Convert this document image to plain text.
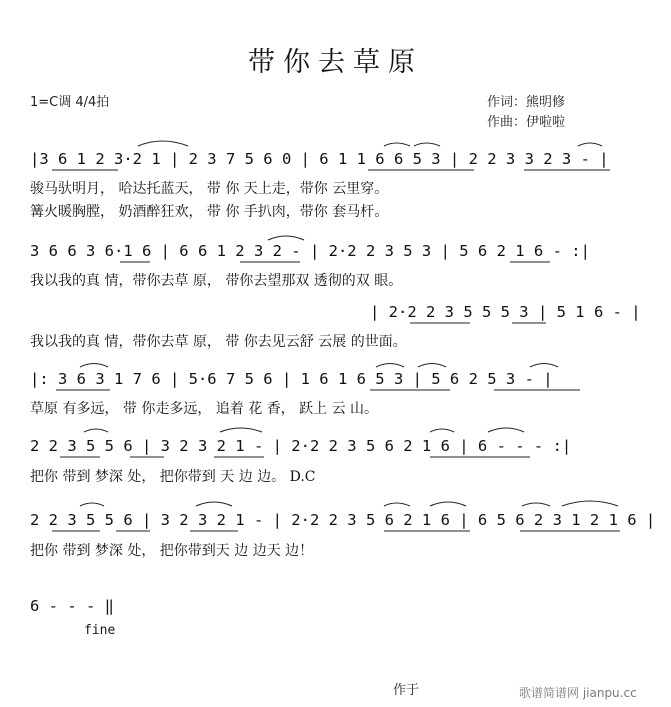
带你去草原
1=C调 4/4拍	作词：熊明修
作曲：伊啦啦
|3 6 1 2 3·2 1 | 2 3 7 5 6 0 | 6 1 1 6 6 5 3 | 2 2 3 3 2 3 - |
骏马驮明月， 哈达托蓝天， 带 你 天上走，带你 云里穿。
篝火暖胸膛， 奶酒醉狂欢， 带 你 手扒肉，带你 套马杆。
3 6 6 3 6·1 6 | 6 6 1 2 3 2 - | 2·2 2 3 5 3 | 5 6 2 1 6 - :|
我以我的真 情，带你去草 原， 带你去望那双 透彻的双 眼。
| 2·2 2 3 5 5 5 3 | 5 1 6 - |
我以我的真 情，带你去草 原， 带 你去见云舒 云展 的世面。
|: 3 6 3 1 7 6 | 5·6 7 5 6 | 1 6 1 6 5 3 | 5 6 2 5 3 - |
草原 有多远， 带 你走多远， 追着 花 香， 跃上 云 山。
2 2 3 5 5 6 | 3 2 3 2 1 - | 2·2 2 3 5 6 2 1 6 | 6 - - - :|
把你 带到 梦深 处， 把你带到 天 边 边。 D.C
2 2 3 5 5 6 | 3 2 3 2 1 - | 2·2 2 3 5 6 2 1 6 | 6 5 6 2 3 1 2 1 6 |
把你 带到 梦深 处， 把你带到天 边 边天 边！
6 - - - ‖
fine
作于	歌谱简谱网 jianpu.cc
